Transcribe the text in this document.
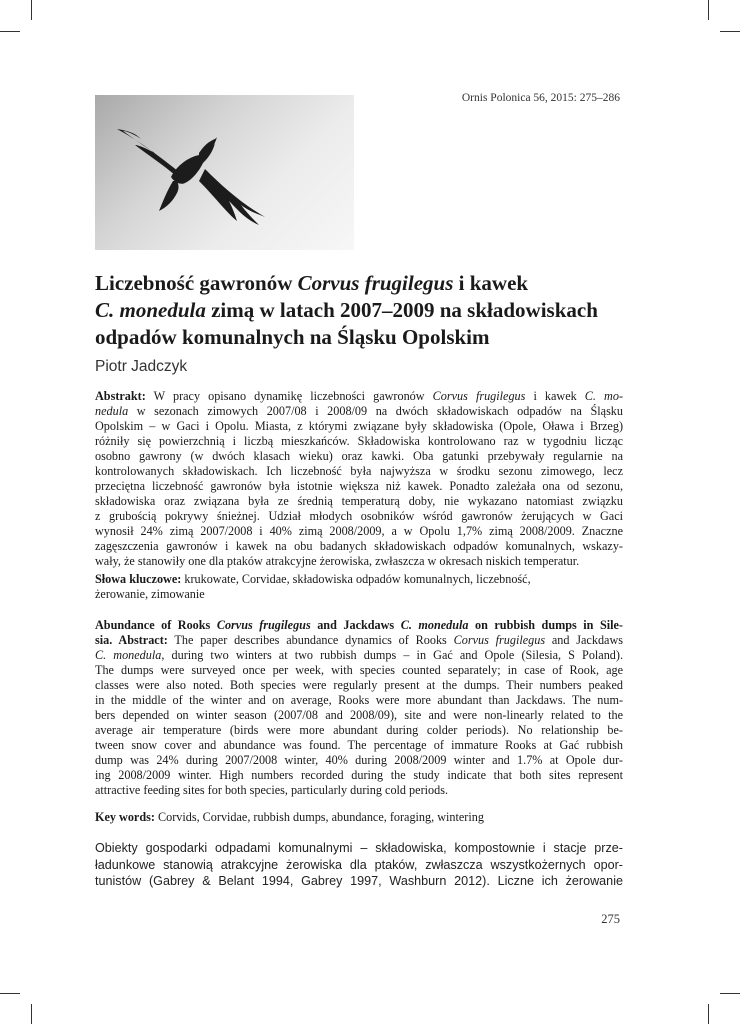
Ornis Polonica 56, 2015: 275–286
Liczebność gawronów Corvus frugilegus i kawek
C. monedula zimą w latach 2007–2009 na składowiskach
odpadów komunalnych na Śląsku Opolskim

Piotr Jadczyk

Abstrakt: W pracy opisano dynamikę liczebności gawronów Corvus frugilegus i kawek C. mo-
nedula w sezonach zimowych 2007/08 i 2008/09 na dwóch składowiskach odpadów na Śląsku
Opolskim – w Gaci i Opolu. Miasta, z którymi związane były składowiska (Opole, Oława i Brzeg)
różniły się powierzchnią i liczbą mieszkańców. Składowiska kontrolowano raz w tygodniu licząc
osobno gawrony (w dwóch klasach wieku) oraz kawki. Oba gatunki przebywały regularnie na
kontrolowanych składowiskach. Ich liczebność była najwyższa w środku sezonu zimowego, lecz
przeciętna liczebność gawronów była istotnie większa niż kawek. Ponadto zależała ona od sezonu,
składowiska oraz związana była ze średnią temperaturą doby, nie wykazano natomiast związku
z grubością pokrywy śnieżnej. Udział młodych osobników wśród gawronów żerujących w Gaci
wynosił 24% zimą 2007/2008 i 40% zimą 2008/2009, a w Opolu 1,7% zimą 2008/2009. Znaczne
zagęszczenia gawronów i kawek na obu badanych składowiskach odpadów komunalnych, wskazy-
wały, że stanowiły one dla ptaków atrakcyjne żerowiska, zwłaszcza w okresach niskich temperatur.
Słowa kluczowe: krukowate, Corvidae, składowiska odpadów komunalnych, liczebność,
żerowanie, zimowanie
Abundance of Rooks Corvus frugilegus and Jackdaws C. monedula on rubbish dumps in Sile-
sia. Abstract: The paper describes abundance dynamics of Rooks Corvus frugilegus and Jackdaws
C. monedula, during two winters at two rubbish dumps – in Gać and Opole (Silesia, S Poland).
The dumps were surveyed once per week, with species counted separately; in case of Rook, age
classes were also noted. Both species were regularly present at the dumps. Their numbers peaked
in the middle of the winter and on average, Rooks were more abundant than Jackdaws. The num-
bers depended on winter season (2007/08 and 2008/09), site and were non-linearly related to the
average air temperature (birds were more abundant during colder periods). No relationship be-
tween snow cover and abundance was found. The percentage of immature Rooks at Gać rubbish
dump was 24% during 2007/2008 winter, 40% during 2008/2009 winter and 1.7% at Opole dur-
ing 2008/2009 winter. High numbers recorded during the study indicate that both sites represent
attractive feeding sites for both species, particularly during cold periods.
Key words: Corvids, Corvidae, rubbish dumps, abundance, foraging, wintering
Obiekty gospodarki odpadami komunalnymi – składowiska, kompostownie i stacje prze-
ładunkowe stanowią atrakcyjne żerowiska dla ptaków, zwłaszcza wszystkożernych opor-
tunistów (Gabrey & Belant 1994, Gabrey 1997, Washburn 2012). Liczne ich żerowanie
275
